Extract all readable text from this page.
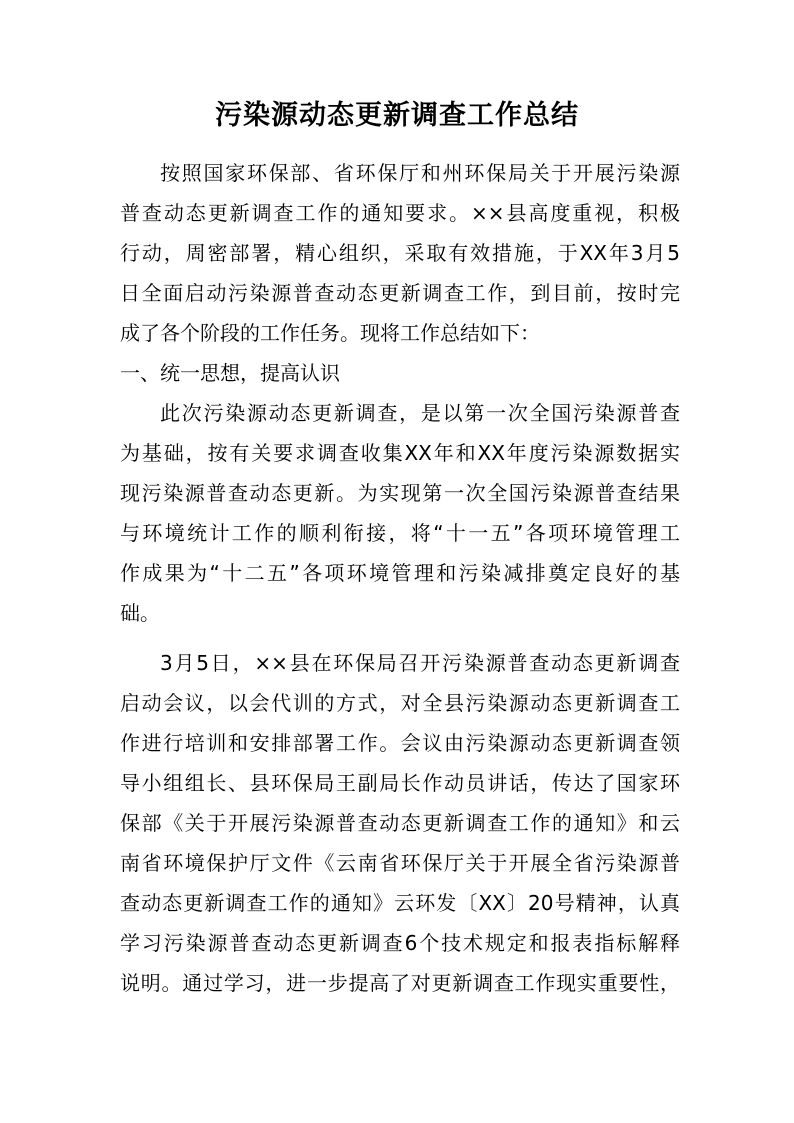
污染源动态更新调查工作总结
按照国家环保部、省环保厅和州环保局关于开展污染源
普查动态更新调查工作的通知要求。××县高度重视，积极
行动，周密部署，精心组织，采取有效措施，于XX年3月5
日全面启动污染源普查动态更新调查工作，到目前，按时完
成了各个阶段的工作任务。现将工作总结如下：
一、统一思想，提高认识
此次污染源动态更新调查，是以第一次全国污染源普查
为基础，按有关要求调查收集XX年和XX年度污染源数据实
现污染源普查动态更新。为实现第一次全国污染源普查结果
与环境统计工作的顺利衔接，将“十一五”各项环境管理工
作成果为“十二五”各项环境管理和污染减排奠定良好的基
础。
3月5日，××县在环保局召开污染源普查动态更新调查
启动会议，以会代训的方式，对全县污染源动态更新调查工
作进行培训和安排部署工作。会议由污染源动态更新调查领
导小组组长、县环保局王副局长作动员讲话，传达了国家环
保部《关于开展污染源普查动态更新调查工作的通知》和云
南省环境保护厅文件《云南省环保厅关于开展全省污染源普
查动态更新调查工作的通知》云环发〔XX〕20号精神，认真
学习污染源普查动态更新调查6个技术规定和报表指标解释
说明。通过学习，进一步提高了对更新调查工作现实重要性，
